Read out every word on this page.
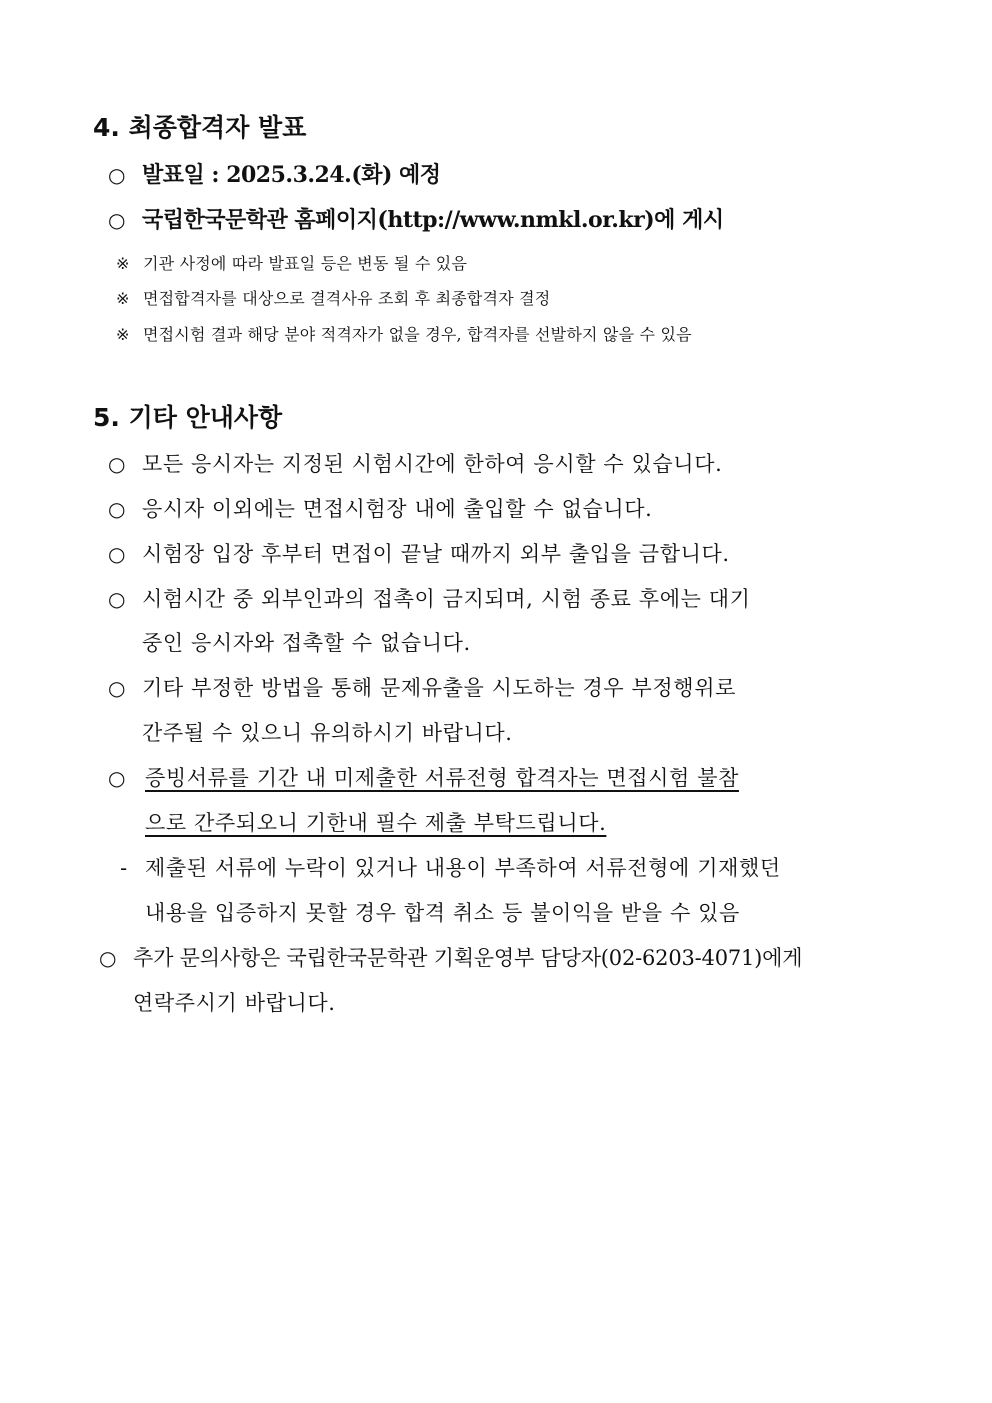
4. 최종합격자 발표
○ 발표일 : 2025.3.24.(화) 예정
○ 국립한국문학관 홈페이지(http://www.nmkl.or.kr)에 게시
※ 기관 사정에 따라 발표일 등은 변동 될 수 있음
※ 면접합격자를 대상으로 결격사유 조회 후 최종합격자 결정
※ 면접시험 결과 해당 분야 적격자가 없을 경우, 합격자를 선발하지 않을 수 있음
5. 기타 안내사항
○ 모든 응시자는 지정된 시험시간에 한하여 응시할 수 있습니다.
○ 응시자 이외에는 면접시험장 내에 출입할 수 없습니다.
○ 시험장 입장 후부터 면접이 끝날 때까지 외부 출입을 금합니다.
○ 시험시간 중 외부인과의 접촉이 금지되며, 시험 종료 후에는 대기
중인 응시자와 접촉할 수 없습니다.
○ 기타 부정한 방법을 통해 문제유출을 시도하는 경우 부정행위로
간주될 수 있으니 유의하시기 바랍니다.
○ 증빙서류를 기간 내 미제출한 서류전형 합격자는 면접시험 불참
으로 간주되오니 기한내 필수 제출 부탁드립니다.
- 제출된 서류에 누락이 있거나 내용이 부족하여 서류전형에 기재했던
내용을 입증하지 못할 경우 합격 취소 등 불이익을 받을 수 있음
○ 추가 문의사항은 국립한국문학관 기획운영부 담당자(02-6203-4071)에게
연락주시기 바랍니다.
